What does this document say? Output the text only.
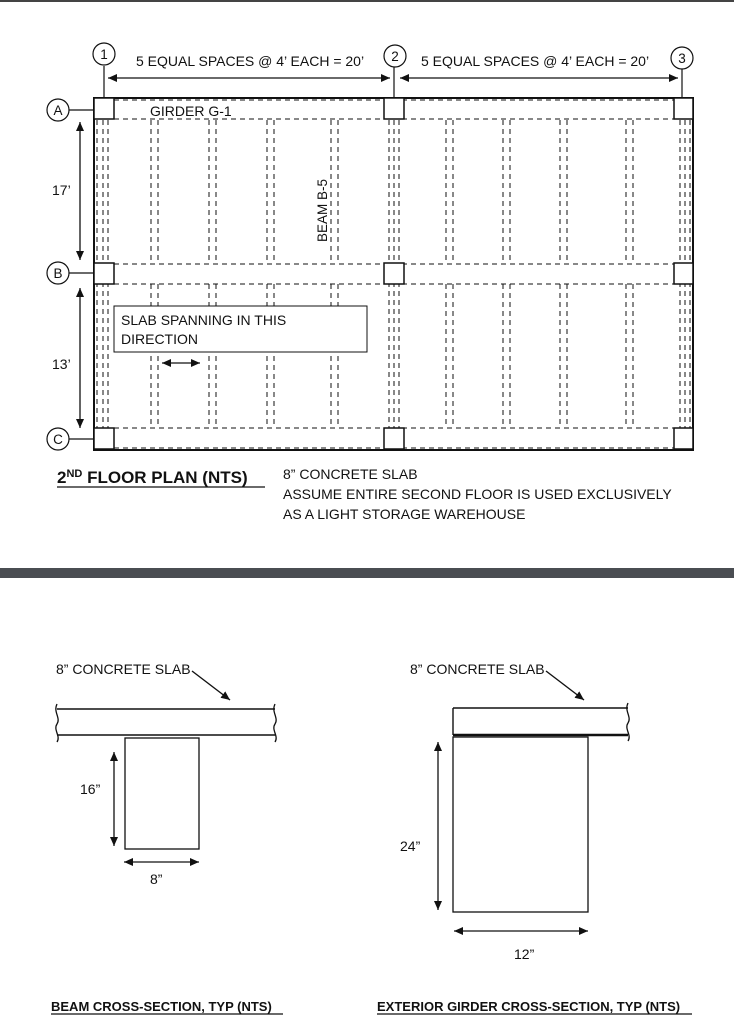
1	2	3
A
B
C
5 EQUAL SPACES @ 4’ EACH = 20’	5 EQUAL SPACES @ 4’ EACH = 20’
17’
13’
GIRDER G-1
BEAM B-5
SLAB SPANNING IN THIS
DIRECTION
2ND FLOOR PLAN (NTS)	8” CONCRETE SLAB
ASSUME ENTIRE SECOND FLOOR IS USED EXCLUSIVELY
AS A LIGHT STORAGE WAREHOUSE
8” CONCRETE SLAB
16”
8”
BEAM CROSS-SECTION, TYP (NTS)
8” CONCRETE SLAB
24”
12”
EXTERIOR GIRDER CROSS-SECTION, TYP (NTS)
